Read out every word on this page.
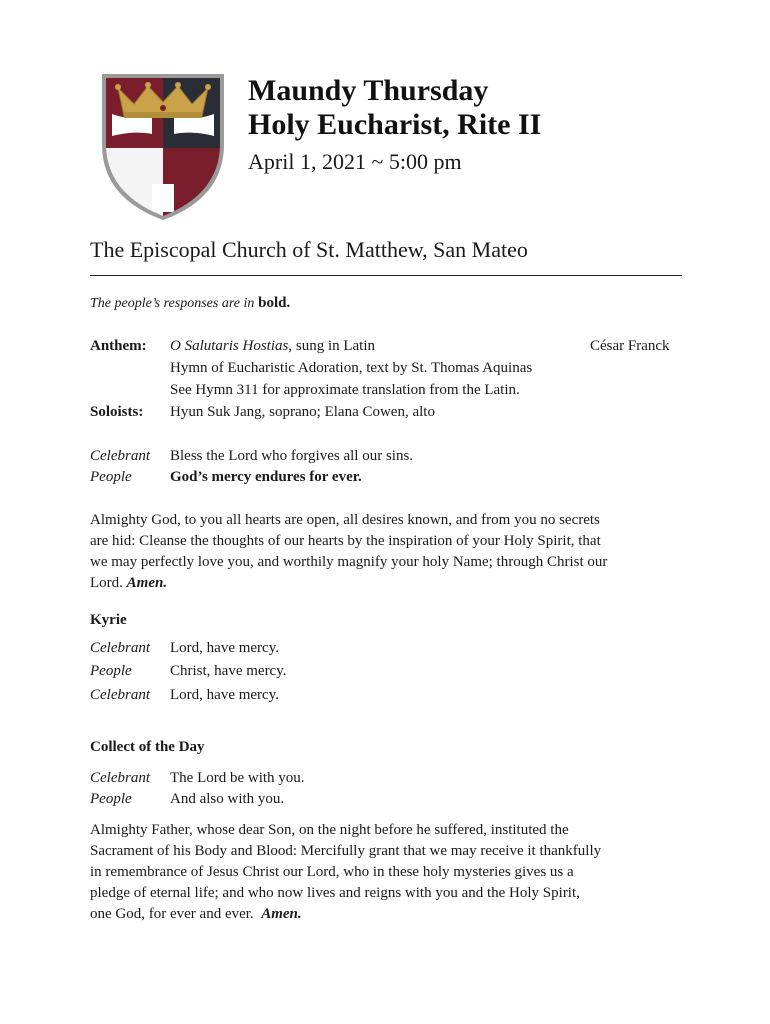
Maundy Thursday
Holy Eucharist, Rite II
April 1, 2021 ~ 5:00 pm
The Episcopal Church of St. Matthew, San Mateo
The people’s responses are in bold.
Anthem: O Salutaris Hostias, sung in Latin	César Franck
Hymn of Eucharistic Adoration, text by St. Thomas Aquinas
See Hymn 311 for approximate translation from the Latin.
Soloists: Hyun Suk Jang, soprano; Elana Cowen, alto
Celebrant Bless the Lord who forgives all our sins.
People	God’s mercy endures for ever.
Almighty God, to you all hearts are open, all desires known, and from you no secrets
are hid: Cleanse the thoughts of our hearts by the inspiration of your Holy Spirit, that
we may perfectly love you, and worthily magnify your holy Name; through Christ our
Lord. Amen.
Kyrie
Celebrant Lord, have mercy.
People	Christ, have mercy.
Celebrant Lord, have mercy.
Collect of the Day
Celebrant The Lord be with you.
People	And also with you.
Almighty Father, whose dear Son, on the night before he suffered, instituted the
Sacrament of his Body and Blood: Mercifully grant that we may receive it thankfully
in remembrance of Jesus Christ our Lord, who in these holy mysteries gives us a
pledge of eternal life; and who now lives and reigns with you and the Holy Spirit,
one God, for ever and ever. Amen.
